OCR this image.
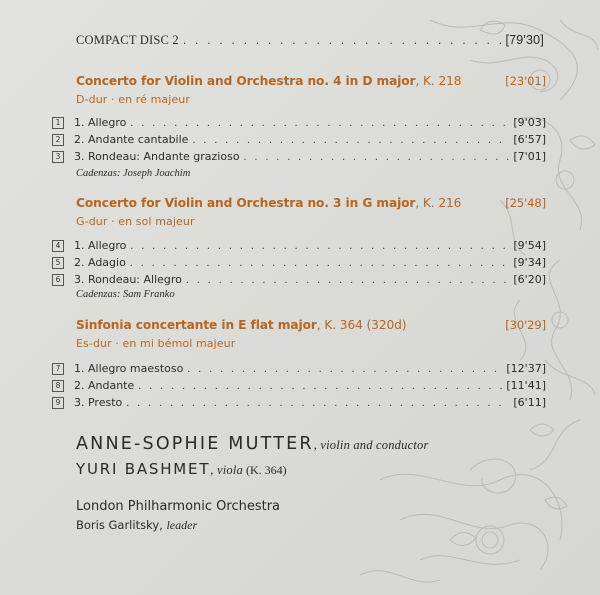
COMPACT DISC 2 . . .	[79'30]
Concerto for Violin and Orchestra no. 4 in D major, K. 218	[23'01]
D-dur · en ré majeur
1	1. Allegro . . .	[9'03]
2	2. Andante cantabile . . .	[6'57]
3	3. Rondeau: Andante grazioso . . .	[7'01]
Cadenzas: Joseph Joachim
Concerto for Violin and Orchestra no. 3 in G major, K. 216	[25'48]
G-dur · en sol majeur
4	1. Allegro . . .	[9'54]
5	2. Adagio . . .	[9'34]
6	3. Rondeau: Allegro . . .	[6'20]
Cadenzas: Sam Franko
Sinfonia concertante in E flat major, K. 364 (320d)	[30'29]
Es-dur · en mi bémol majeur
7	1. Allegro maestoso . . .	[12'37]
8	2. Andante . . .	[11'41]
9	3. Presto . . .	[6'11]
ANNE-SOPHIE MUTTER, violin and conductor
YURI BASHMET, viola (K. 364)
London Philharmonic Orchestra
Boris Garlitsky, leader
